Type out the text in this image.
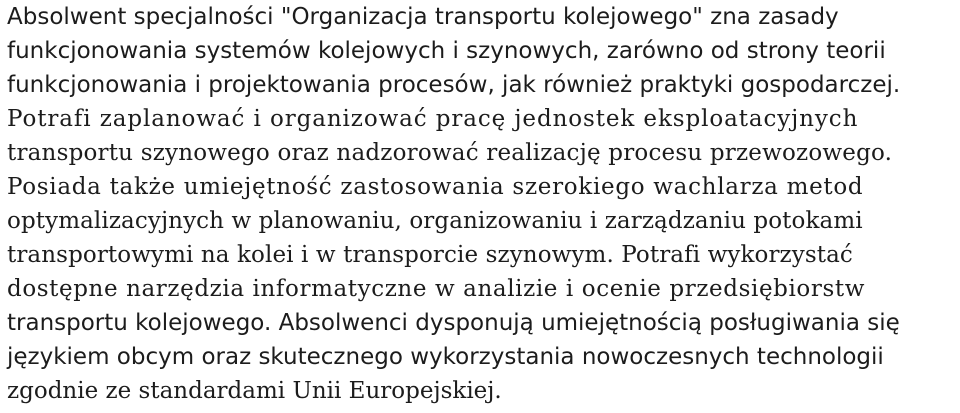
Absolwent specjalności "Organizacja transportu kolejowego" zna zasady
funkcjonowania systemów kolejowych i szynowych, zarówno od strony teorii
funkcjonowania i projektowania procesów, jak również praktyki gospodarczej.
Potrafi zaplanować i organizować pracę jednostek eksploatacyjnych
transportu szynowego oraz nadzorować realizację procesu przewozowego.
Posiada także umiejętność zastosowania szerokiego wachlarza metod
optymalizacyjnych w planowaniu, organizowaniu i zarządzaniu potokami
transportowymi na kolei i w transporcie szynowym. Potrafi wykorzystać
dostępne narzędzia informatyczne w analizie i ocenie przedsiębiorstw
transportu kolejowego. Absolwenci dysponują umiejętnością posługiwania się
językiem obcym oraz skutecznego wykorzystania nowoczesnych technologii
zgodnie ze standardami Unii Europejskiej.
